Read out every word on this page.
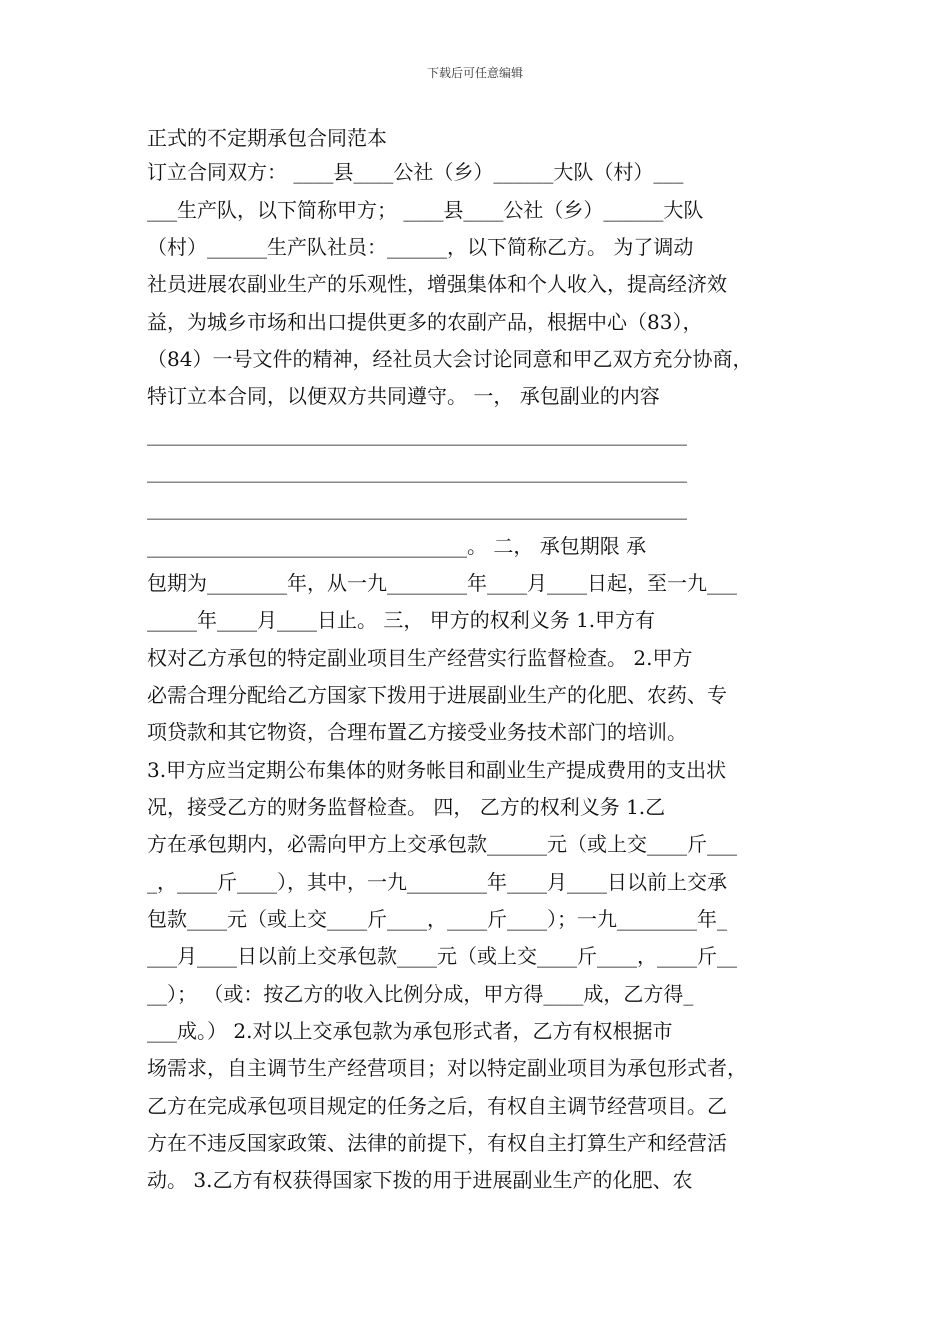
下载后可任意编辑
正式的不定期承包合同范本
订立合同双方： ____县____公社（乡）______大队（村）___
___生产队，以下简称甲方； ____县____公社（乡）______大队
（村）______生产队社员：______，以下简称乙方。 为了调动
社员进展农副业生产的乐观性，增强集体和个人收入，提高经济效
益，为城乡市场和出口提供更多的农副产品，根据中心（83），
（84）一号文件的精神，经社员大会讨论同意和甲乙双方充分协商，
特订立本合同，以便双方共同遵守。 一， 承包副业的内容
______________________________________________________
______________________________________________________
______________________________________________________
________________________________。 二， 承包期限 承
包期为________年，从一九________年____月____日起，至一九___
_____年____月____日止。 三， 甲方的权利义务 1.甲方有
权对乙方承包的特定副业项目生产经营实行监督检查。 2.甲方
必需合理分配给乙方国家下拨用于进展副业生产的化肥、农药、专
项贷款和其它物资，合理布置乙方接受业务技术部门的培训。
3.甲方应当定期公布集体的财务帐目和副业生产提成费用的支出状
况，接受乙方的财务监督检查。 四， 乙方的权利义务 1.乙
方在承包期内，必需向甲方上交承包款______元（或上交____斤___
_，____斤____），其中，一九________年____月____日以前上交承
包款____元（或上交____斤____，____斤____）；一九________年_
___月____日以前上交承包款____元（或上交____斤____，____斤__
__）； （或：按乙方的收入比例分成，甲方得____成，乙方得_
___成。） 2.对以上交承包款为承包形式者，乙方有权根据市
场需求，自主调节生产经营项目；对以特定副业项目为承包形式者，
乙方在完成承包项目规定的任务之后，有权自主调节经营项目。乙
方在不违反国家政策、法律的前提下，有权自主打算生产和经营活
动。 3.乙方有权获得国家下拨的用于进展副业生产的化肥、农
